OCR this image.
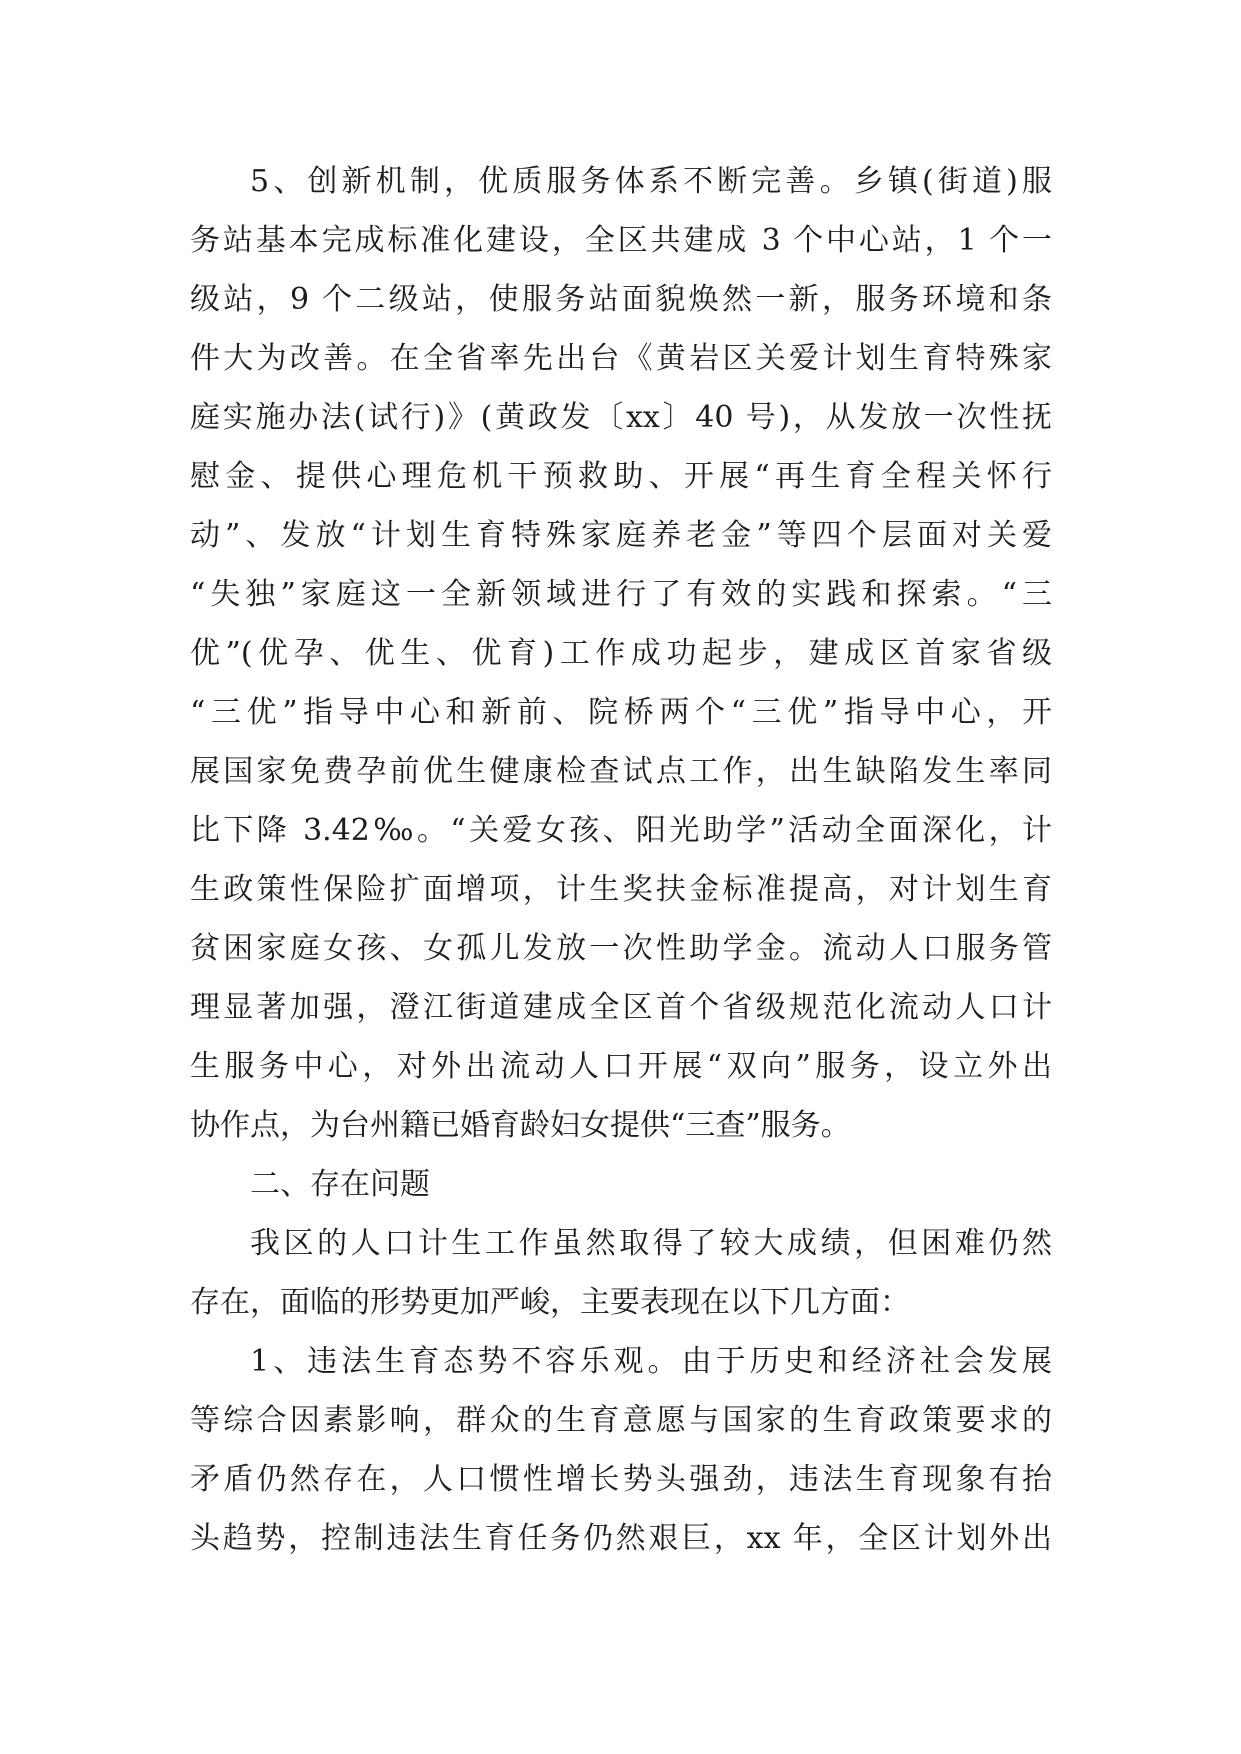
5、创新机制，优质服务体系不断完善。乡镇(街道)服
务站基本完成标准化建设，全区共建成 3 个中心站，1 个一
级站，9 个二级站，使服务站面貌焕然一新，服务环境和条
件大为改善。在全省率先出台《黄岩区关爱计划生育特殊家
庭实施办法(试行)》(黄政发〔xx〕40 号)，从发放一次性抚
慰金、提供心理危机干预救助、开展“再生育全程关怀行
动”、发放“计划生育特殊家庭养老金”等四个层面对关爱
“失独”家庭这一全新领域进行了有效的实践和探索。“三
优”(优孕、优生、优育)工作成功起步，建成区首家省级
“三优”指导中心和新前、院桥两个“三优”指导中心，开
展国家免费孕前优生健康检查试点工作，出生缺陷发生率同
比下降 3.42‰。“关爱女孩、阳光助学”活动全面深化，计
生政策性保险扩面增项，计生奖扶金标准提高，对计划生育
贫困家庭女孩、女孤儿发放一次性助学金。流动人口服务管
理显著加强，澄江街道建成全区首个省级规范化流动人口计
生服务中心，对外出流动人口开展“双向”服务，设立外出
协作点，为台州籍已婚育龄妇女提供“三查”服务。
二、存在问题
我区的人口计生工作虽然取得了较大成绩，但困难仍然
存在，面临的形势更加严峻，主要表现在以下几方面：
1、违法生育态势不容乐观。由于历史和经济社会发展
等综合因素影响，群众的生育意愿与国家的生育政策要求的
矛盾仍然存在，人口惯性增长势头强劲，违法生育现象有抬
头趋势，控制违法生育任务仍然艰巨，xx 年，全区计划外出
